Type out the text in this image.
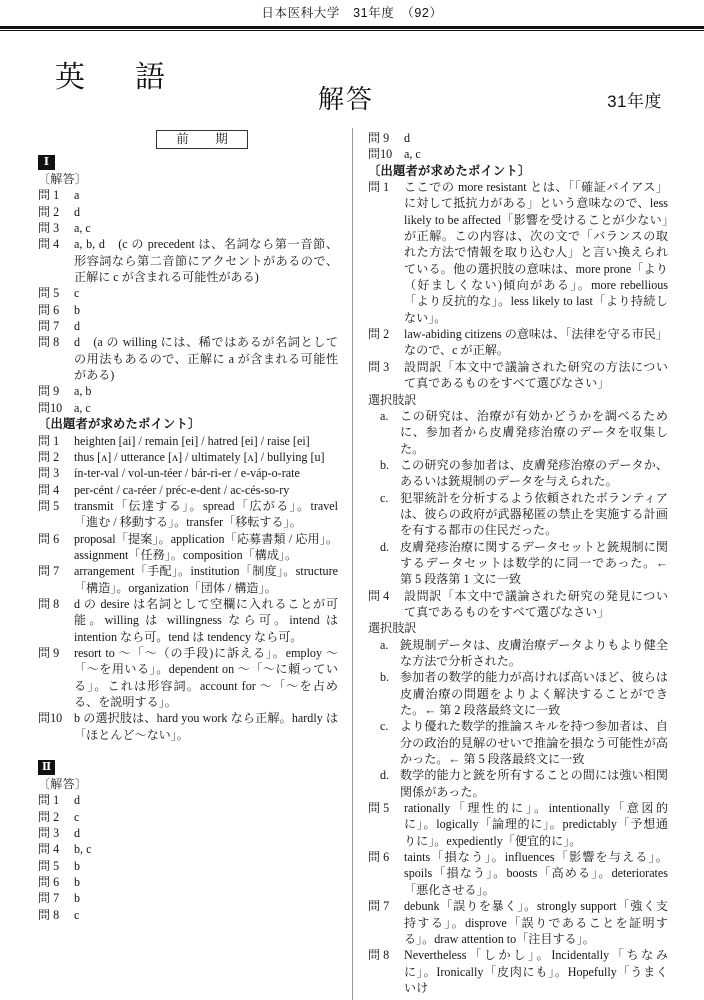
日本医科大学　31年度　（92）
英　語
解答	31年度
前　期
Ⅰ
〔解答〕
問 1	a
問 2	d
問 3	a, c
問 4	a, b, d　(c の precedent は、名詞なら第一音節、形容詞なら第二音節にアクセントがあるので、正解に c が含まれる可能性がある)
問 5	c
問 6	b
問 7	d
問 8	d　(a の willing には、稀ではあるが名詞としての用法もあるので、正解に a が含まれる可能性がある)
問 9	a, b
問10 a, c
〔出題者が求めたポイント〕
問 1	heighten [ai] / remain [ei] / hatred [ei] / raise [ei]
問 2	thus [ʌ] / utterance [ʌ] / ultimately [ʌ] / bullying [u]
問 3	ín-ter-val / vol-un-téer / bár-ri-er / e-váp-o-rate
問 4	per-cént / ca-réer / préc-e-dent / ac-cés-so-ry
問 5	transmit「伝達する」。spread「広がる」。travel「進む / 移動する」。transfer「移転する」。
問 6	proposal「提案」。application「応募書類 / 応用」。assignment「任務」。composition「構成」。
問 7	arrangement「手配」。institution「制度」。structure「構造」。organization「団体 / 構造」。
問 8	d の desire は名詞として空欄に入れることが可能。willing は willingness なら可。intend は intention なら可。tend は tendency なら可。
問 9	resort to ～「～（の手段)に訴える」。employ ～「～を用いる」。dependent on ～「～に頼っている」。これは形容詞。account for ～「～を占める、を説明する」。
問10 b の選択肢は、hard you work なら正解。hardly は「ほとんど～ない」。
Ⅱ
〔解答〕
問 1	d
問 2	c
問 3	d
問 4	b, c
問 5	b
問 6	b
問 7	b
問 8	c
問 9	d
問10 a, c
〔出題者が求めたポイント〕
問 1	ここでの more resistant とは、「「確証バイアス」に対して抵抗力がある」という意味なので、less likely to be affected「影響を受けることが少ない」が正解。この内容は、次の文で「バランスの取れた方法で情報を取り込む人」と言い換えられている。他の選択肢の意味は、more prone「より（好ましくない)傾向がある」。more rebellious「より反抗的な」。less likely to last「より持続しない」。
問 2	law-abiding citizens の意味は、「法律を守る市民」なので、c が正解。
問 3	設問訳「本文中で議論された研究の方法について真であるものをすべて選びなさい」
選択肢訳
a. この研究は、治療が有効かどうかを調べるために、参加者から皮膚発疹治療のデータを収集した。
b. この研究の参加者は、皮膚発疹治療のデータか、あるいは銃規制のデータを与えられた。
c. 犯罪統計を分析するよう依頼されたボランティアは、彼らの政府が武器秘匿の禁止を実施する計画を有する都市の住民だった。
d. 皮膚発疹治療に関するデータセットと銃規制に関するデータセットは数学的に同一であった。← 第 5 段落第 1 文に一致
問 4	設問訳「本文中で議論された研究の発見について真であるものをすべて選びなさい」
選択肢訳
a. 銃規制データは、皮膚治療データよりもより健全な方法で分析された。
b. 参加者の数学的能力が高ければ高いほど、彼らは皮膚治療の問題をよりよく解決することができた。← 第 2 段落最終文に一致
c. より優れた数学的推論スキルを持つ参加者は、自分の政治的見解のせいで推論を損なう可能性が高かった。← 第 5 段落最終文に一致
d. 数学的能力と銃を所有することの間には強い相関関係があった。
問 5	rationally「理性的に」。intentionally「意図的に」。logically「論理的に」。predictably「予想通りに」。expediently「便宜的に」。
問 6	taints「損なう」。influences「影響を与える」。spoils「損なう」。boosts「高める」。deteriorates「悪化させる」。
問 7	debunk「誤りを暴く」。strongly support「強く支持する」。disprove「誤りであることを証明する」。draw attention to「注目する」。
問 8	Nevertheless「しかし」。Incidentally「ちなみに」。Ironically「皮肉にも」。Hopefully「うまくいけ
